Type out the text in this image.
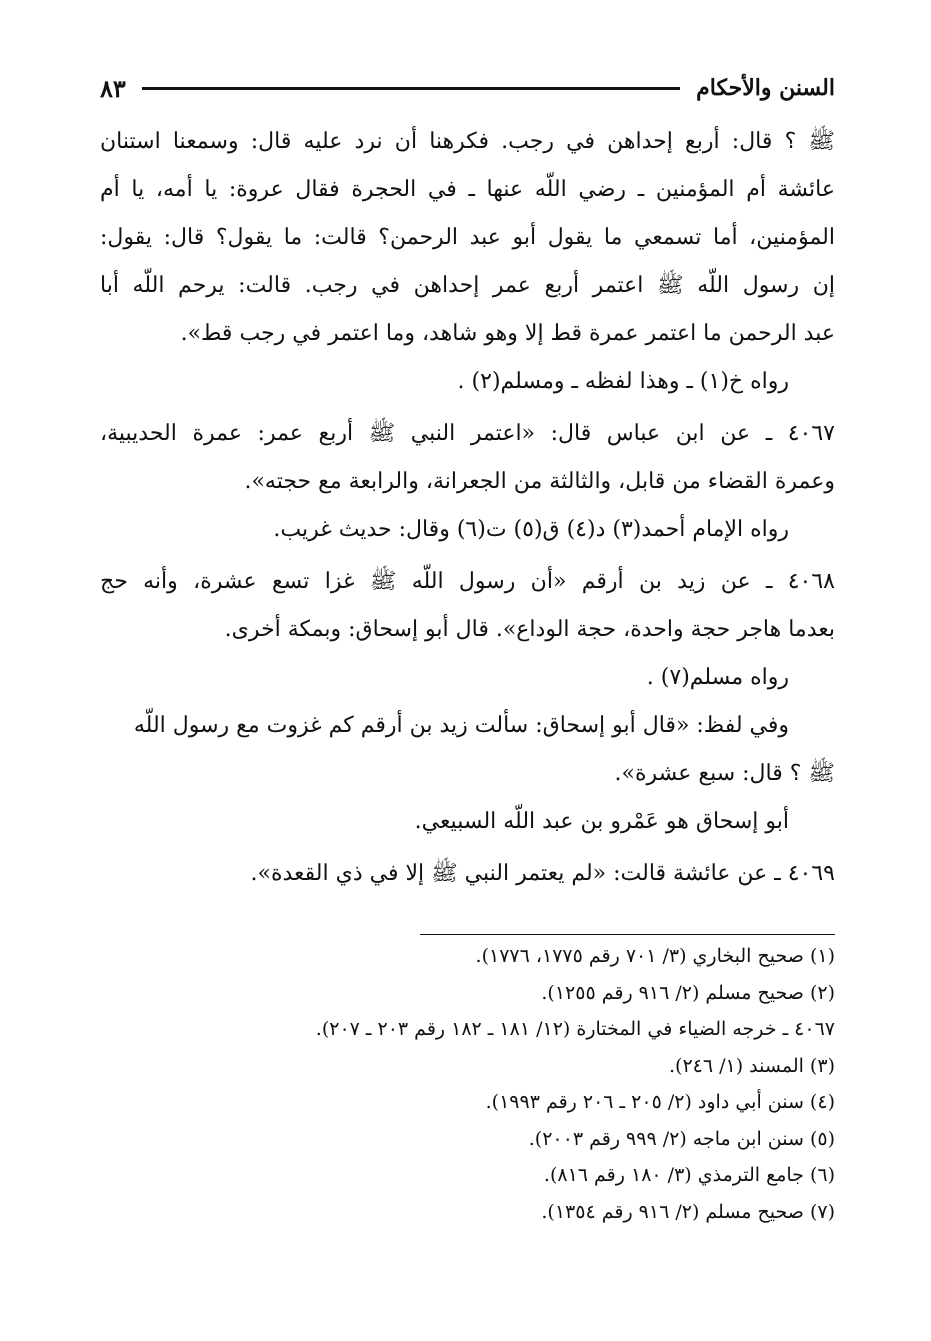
السنن والأحكام
٨٣
ﷺ ؟ قال: أربع إحداهن في رجب. فكرهنا أن نرد عليه قال: وسمعنا استنان
عائشة أم المؤمنين ـ رضي اللّه عنها ـ في الحجرة فقال عروة: يا أمه، يا أم
المؤمنين، أما تسمعي ما يقول أبو عبد الرحمن؟ قالت: ما يقول؟ قال: يقول:
إن رسول اللّه ﷺ اعتمر أربع عمر إحداهن في رجب. قالت: يرحم اللّه أبا
عبد الرحمن ما اعتمر عمرة قط إلا وهو شاهد، وما اعتمر في رجب قط».
رواه خ(١) ـ وهذا لفظه ـ ومسلم(٢) .
٤٠٦٧ ـ عن ابن عباس قال: «اعتمر النبي ﷺ أربع عمر: عمرة الحديبية،
وعمرة القضاء من قابل، والثالثة من الجعرانة، والرابعة مع حجته».
رواه الإمام أحمد(٣) د(٤) ق(٥) ت(٦) وقال: حديث غريب.
٤٠٦٨ ـ عن زيد بن أرقم «أن رسول اللّه ﷺ غزا تسع عشرة، وأنه حج
بعدما هاجر حجة واحدة، حجة الوداع». قال أبو إسحاق: وبمكة أخرى.
رواه مسلم(٧) .
وفي لفظ: «قال أبو إسحاق: سألت زيد بن أرقم كم غزوت مع رسول اللّه
ﷺ ؟ قال: سبع عشرة».
أبو إسحاق هو عَمْرو بن عبد اللّه السبيعي.
٤٠٦٩ ـ عن عائشة قالت: «لم يعتمر النبي ﷺ إلا في ذي القعدة».
(١) صحيح البخاري (٣/ ٧٠١ رقم ١٧٧٥، ١٧٧٦).
(٢) صحيح مسلم (٢/ ٩١٦ رقم ١٢٥٥).
٤٠٦٧ ـ خرجه الضياء في المختارة (١٢/ ١٨١ ـ ١٨٢ رقم ٢٠٣ ـ ٢٠٧).
(٣) المسند (١/ ٢٤٦).
(٤) سنن أبي داود (٢/ ٢٠٥ ـ ٢٠٦ رقم ١٩٩٣).
(٥) سنن ابن ماجه (٢/ ٩٩٩ رقم ٢٠٠٣).
(٦) جامع الترمذي (٣/ ١٨٠ رقم ٨١٦).
(٧) صحيح مسلم (٢/ ٩١٦ رقم ١٣٥٤).
